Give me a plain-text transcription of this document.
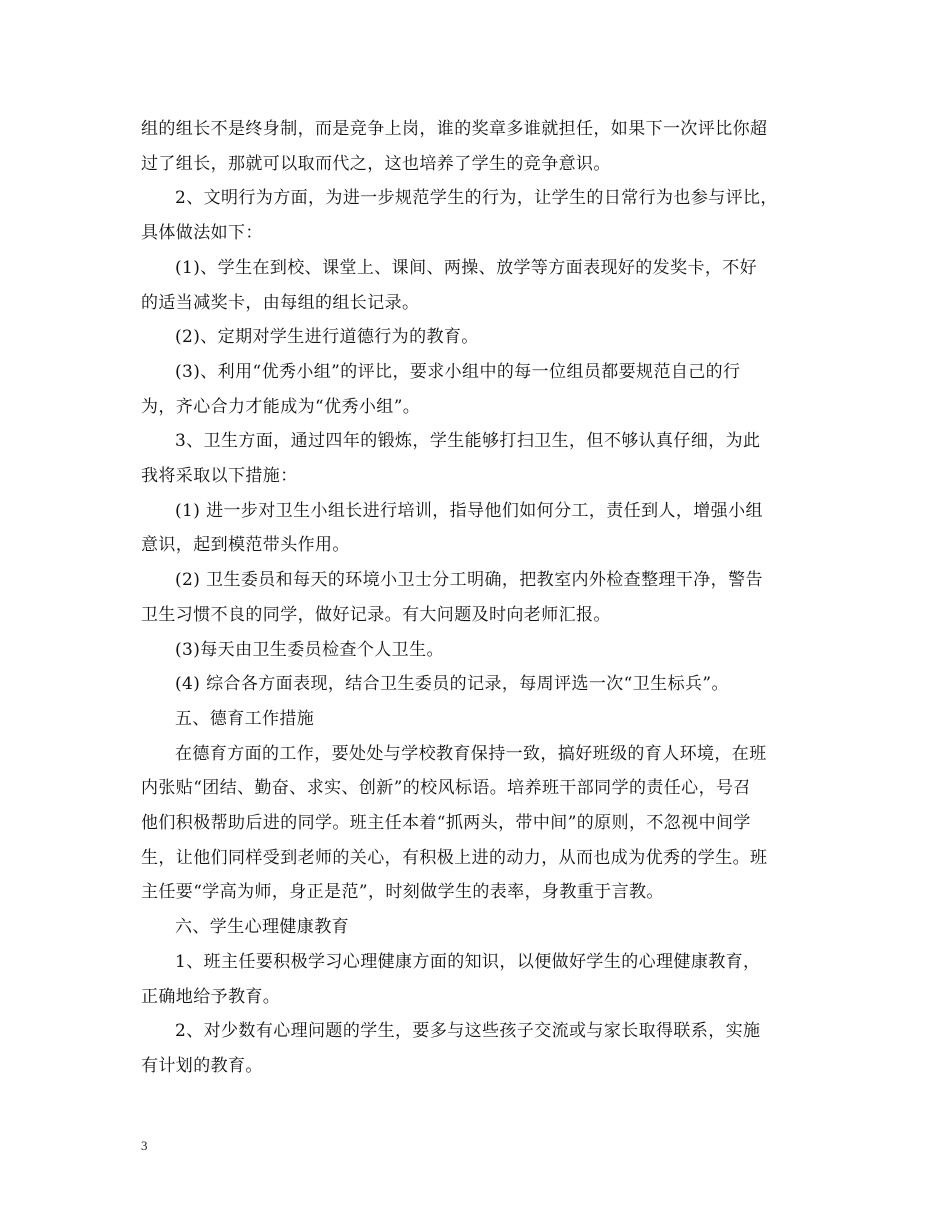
组的组长不是终身制，而是竞争上岗，谁的奖章多谁就担任，如果下一次评比你超
过了组长，那就可以取而代之，这也培养了学生的竞争意识。
2、文明行为方面，为进一步规范学生的行为，让学生的日常行为也参与评比，
具体做法如下：
(1)、学生在到校、课堂上、课间、两操、放学等方面表现好的发奖卡，不好
的适当减奖卡，由每组的组长记录。
(2)、定期对学生进行道德行为的教育。
(3)、利用“优秀小组”的评比，要求小组中的每一位组员都要规范自己的行
为，齐心合力才能成为“优秀小组”。
3、卫生方面，通过四年的锻炼，学生能够打扫卫生，但不够认真仔细，为此
我将采取以下措施：
(1) 进一步对卫生小组长进行培训，指导他们如何分工，责任到人，增强小组
意识，起到模范带头作用。
(2) 卫生委员和每天的环境小卫士分工明确，把教室内外检查整理干净，警告
卫生习惯不良的同学，做好记录。有大问题及时向老师汇报。
(3)每天由卫生委员检查个人卫生。
(4) 综合各方面表现，结合卫生委员的记录，每周评选一次“卫生标兵”。
五、德育工作措施
在德育方面的工作，要处处与学校教育保持一致，搞好班级的育人环境，在班
内张贴“团结、勤奋、求实、创新”的校风标语。培养班干部同学的责任心，号召
他们积极帮助后进的同学。班主任本着“抓两头，带中间”的原则，不忽视中间学
生，让他们同样受到老师的关心，有积极上进的动力，从而也成为优秀的学生。班
主任要“学高为师，身正是范”，时刻做学生的表率，身教重于言教。
六、学生心理健康教育
1、班主任要积极学习心理健康方面的知识，以便做好学生的心理健康教育，
正确地给予教育。
2、对少数有心理问题的学生，要多与这些孩子交流或与家长取得联系，实施
有计划的教育。
3
